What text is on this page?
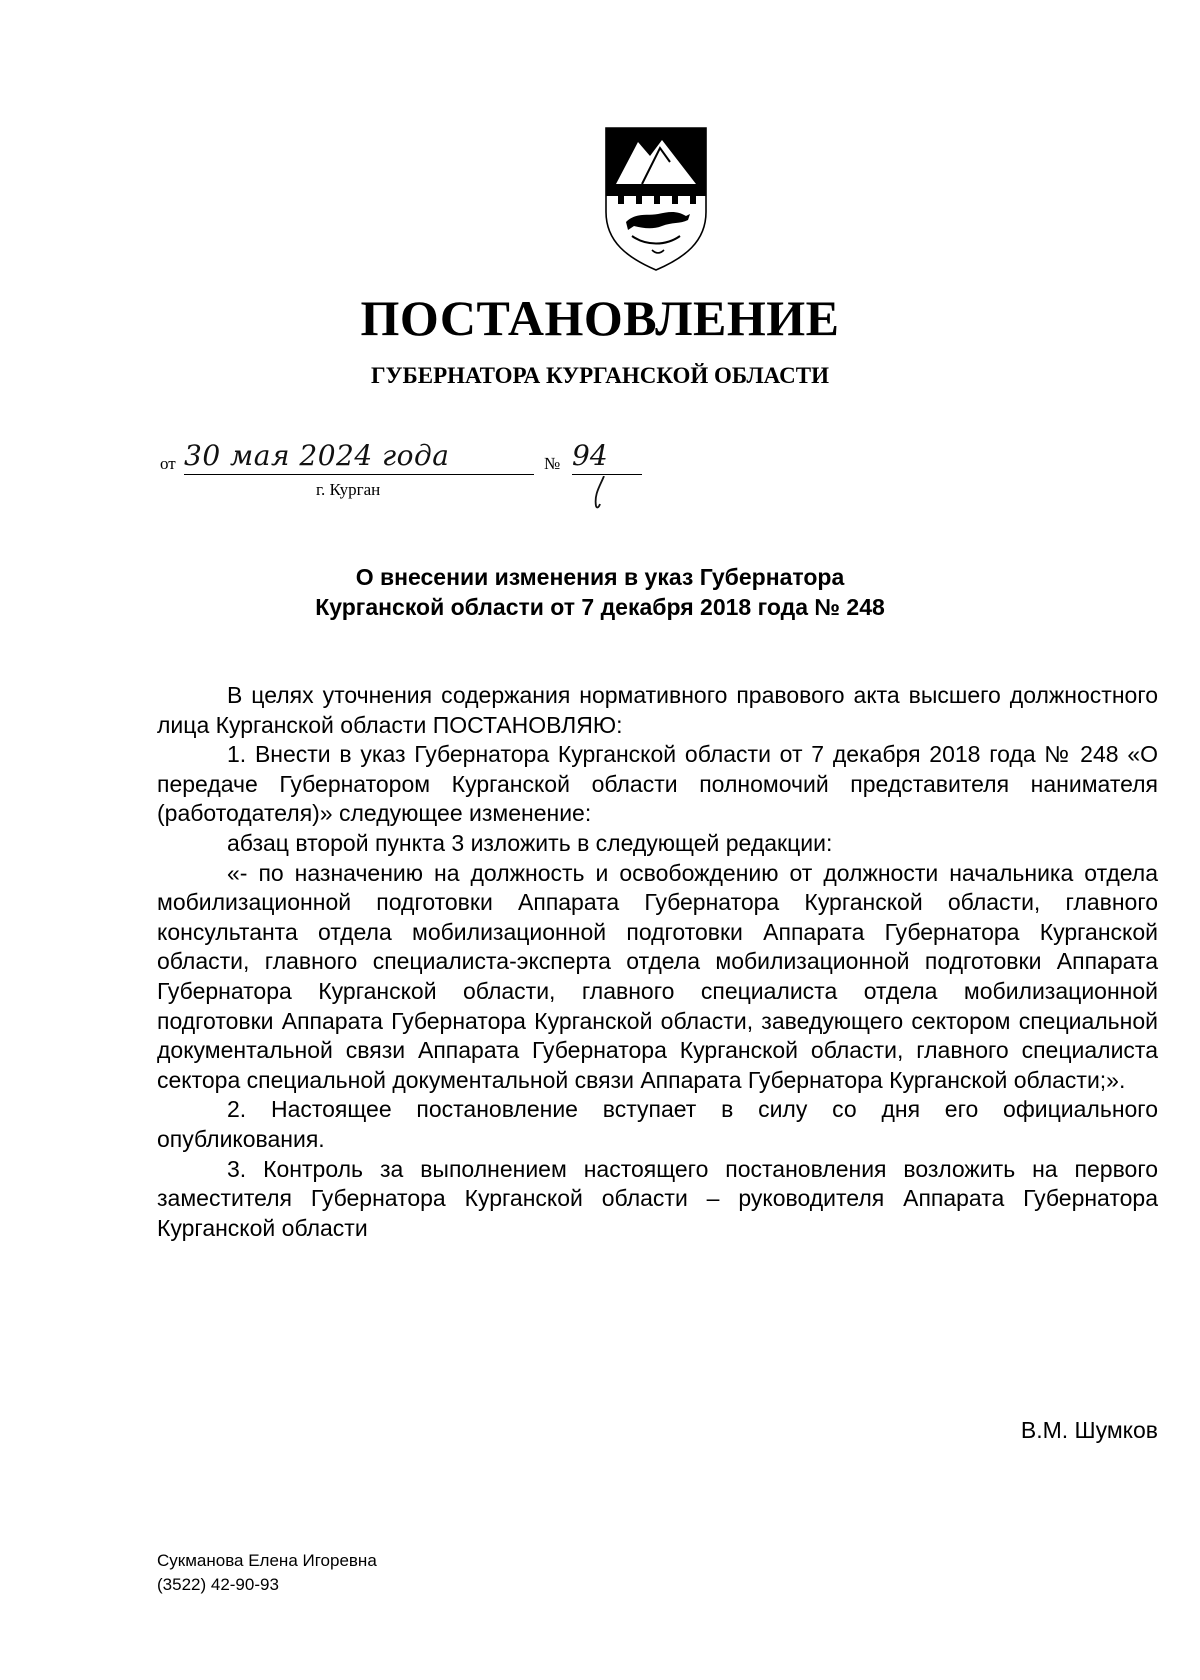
ПОСТАНОВЛЕНИЕ
ГУБЕРНАТОРА КУРГАНСКОЙ ОБЛАСТИ
от 30 мая 2024 года	№ 94
г. Курган
О внесении изменения в указ Губернатора
Курганской области от 7 декабря 2018 года № 248

В целях уточнения содержания нормативного правового акта высшего должностного лица Курганской области ПОСТАНОВЛЯЮ:

1. Внести в указ Губернатора Курганской области от 7 декабря 2018 года № 248 «О передаче Губернатором Курганской области полномочий представителя нанимателя (работодателя)» следующее изменение:

абзац второй пункта 3 изложить в следующей редакции:

«- по назначению на должность и освобождению от должности начальника отдела мобилизационной подготовки Аппарата Губернатора Курганской области, главного консультанта отдела мобилизационной подготовки Аппарата Губернатора Курганской области, главного специалиста-эксперта отдела мобилизационной подготовки Аппарата Губернатора Курганской области, главного специалиста отдела мобилизационной подготовки Аппарата Губернатора Курганской области, заведующего сектором специальной документальной связи Аппарата Губернатора Курганской области, главного специалиста сектора специальной документальной связи Аппарата Губернатора Курганской области;».

2. Настоящее постановление вступает в силу со дня его официального опубликования.

3. Контроль за выполнением настоящего постановления возложить на первого заместителя Губернатора Курганской области – руководителя Аппарата Губернатора Курганской области

В.М. Шумков
Сукманова Елена Игоревна
(3522) 42-90-93
